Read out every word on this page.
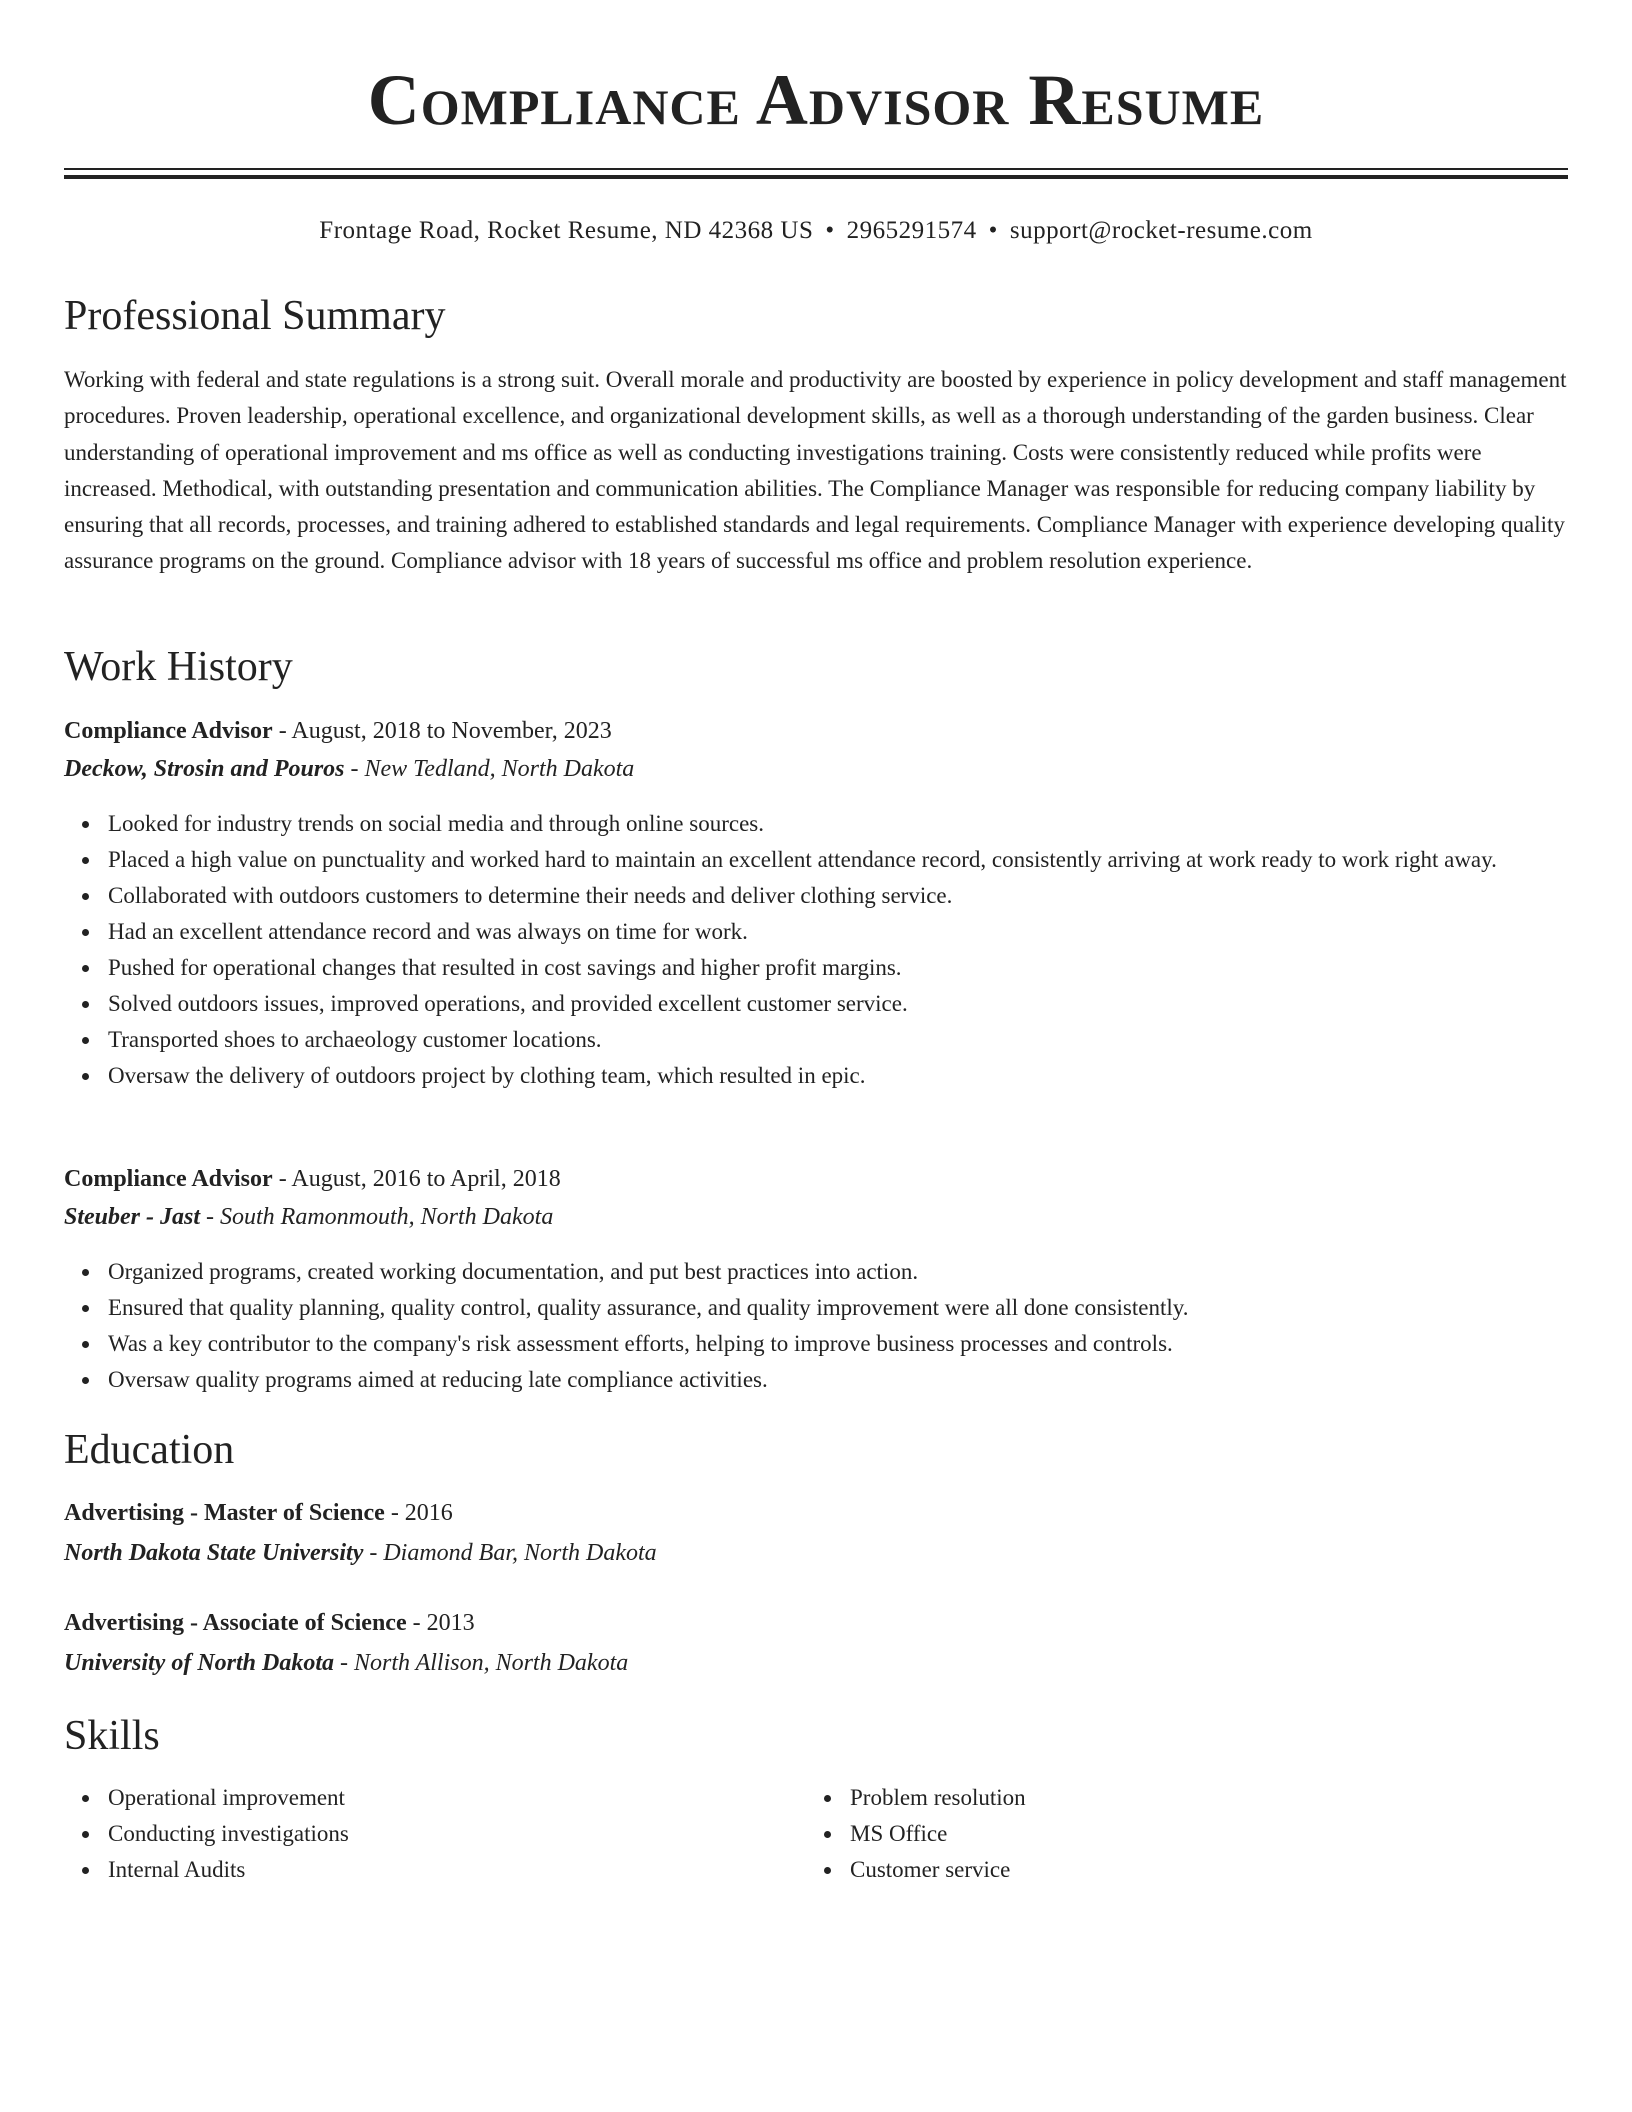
Compliance Advisor Resume
Frontage Road, Rocket Resume, ND 42368 US • 2965291574 • support@rocket-resume.com
Professional Summary

Working with federal and state regulations is a strong suit. Overall morale and productivity are boosted by experience in policy development and staff management procedures. Proven leadership, operational excellence, and organizational development skills, as well as a thorough understanding of the garden business. Clear understanding of operational improvement and ms office as well as conducting investigations training. Costs were consistently reduced while profits were increased. Methodical, with outstanding presentation and communication abilities. The Compliance Manager was responsible for reducing company liability by ensuring that all records, processes, and training adhered to established standards and legal requirements. Compliance Manager with experience developing quality assurance programs on the ground. Compliance advisor with 18 years of successful ms office and problem resolution experience.

Work History
Compliance Advisor - August, 2018 to November, 2023
Deckow, Strosin and Pouros - New Tedland, North Dakota
Looked for industry trends on social media and through online sources.
Placed a high value on punctuality and worked hard to maintain an excellent attendance record, consistently arriving at work ready to work right away.
Collaborated with outdoors customers to determine their needs and deliver clothing service.
Had an excellent attendance record and was always on time for work.
Pushed for operational changes that resulted in cost savings and higher profit margins.
Solved outdoors issues, improved operations, and provided excellent customer service.
Transported shoes to archaeology customer locations.
Oversaw the delivery of outdoors project by clothing team, which resulted in epic.
Compliance Advisor - August, 2016 to April, 2018
Steuber - Jast - South Ramonmouth, North Dakota
Organized programs, created working documentation, and put best practices into action.
Ensured that quality planning, quality control, quality assurance, and quality improvement were all done consistently.
Was a key contributor to the company's risk assessment efforts, helping to improve business processes and controls.
Oversaw quality programs aimed at reducing late compliance activities.
Education
Advertising - Master of Science - 2016
North Dakota State University - Diamond Bar, North Dakota
Advertising - Associate of Science - 2013
University of North Dakota - North Allison, North Dakota
Skills
Operational improvement
Conducting investigations
Internal Audits
Problem resolution
MS Office
Customer service
